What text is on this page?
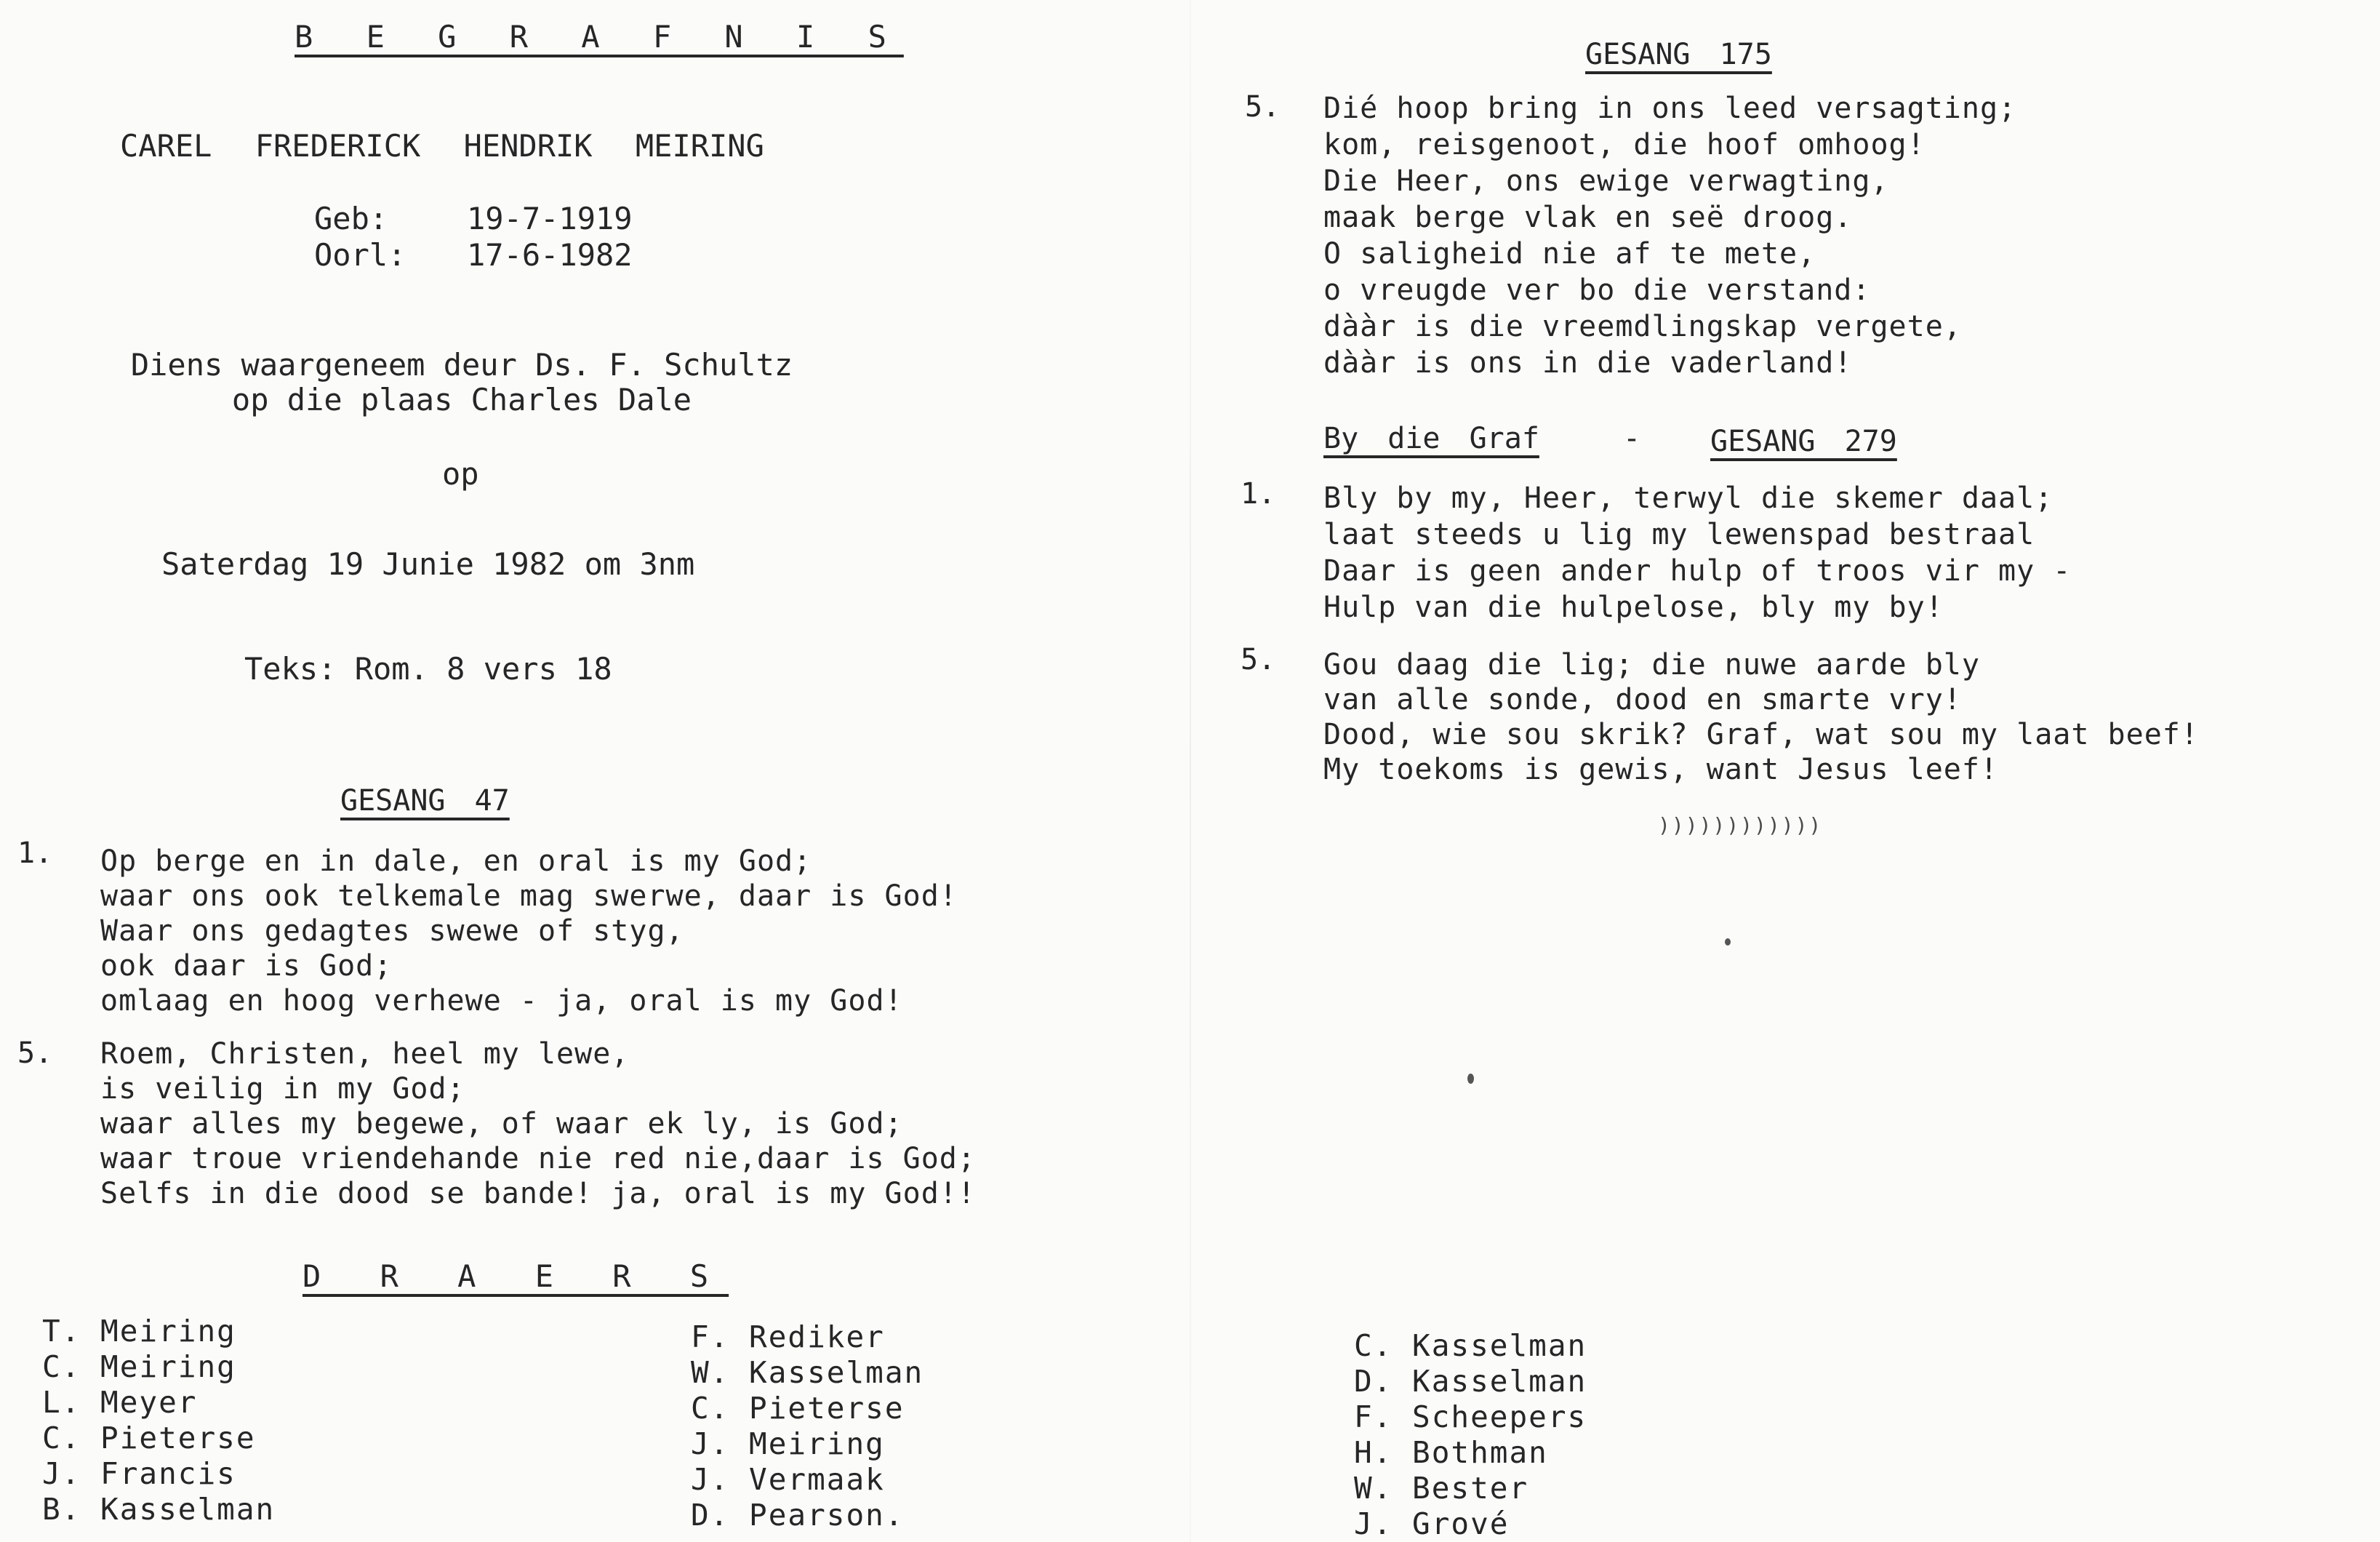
B E G R A F N I S
CAREL FREDERICK HENDRIK MEIRING
Geb:	19-7-1919
Oorl: 17-6-1982
Diens waargeneem deur Ds. F. Schultz
op die plaas Charles Dale
op
Saterdag 19 Junie 1982 om 3nm
Teks: Rom. 8 vers 18
GESANG 47
1. Op berge en in dale, en oral is my God;
waar ons ook telkemale mag swerwe, daar is God!
Waar ons gedagtes swewe of styg,
ook daar is God;
omlaag en hoog verhewe - ja, oral is my God!
5. Roem, Christen, heel my lewe,
is veilig in my God;
waar alles my begewe, of waar ek ly, is God;
waar troue vriendehande nie red nie,daar is God;
Selfs in die dood se bande! ja, oral is my God!!
D R A E R S
T. Meiring
C. Meiring
L. Meyer
C. Pieterse
J. Francis
B. Kasselman
F. Rediker
W. Kasselman
C. Pieterse
J. Meiring
J. Vermaak
D. Pearson.
GESANG 175
5. Dié hoop bring in ons leed versagting;
kom, reisgenoot, die hoof omhoog!
Die Heer, ons ewige verwagting,
maak berge vlak en seë droog.
O saligheid nie af te mete,
o vreugde ver bo die verstand:
dààr is die vreemdlingskap vergete,
dààr is ons in die vaderland!
By die Graf	- GESANG 279
1. Bly by my, Heer, terwyl die skemer daal;
laat steeds u lig my lewenspad bestraal
Daar is geen ander hulp of troos vir my -
Hulp van die hulpelose, bly my by!
5. Gou daag die lig; die nuwe aarde bly
van alle sonde, dood en smarte vry!
Dood, wie sou skrik? Graf, wat sou my laat beef!
My toekoms is gewis, want Jesus leef!
))))))))))))
C. Kasselman
D. Kasselman
F. Scheepers
H. Bothman
W. Bester
J. Grové
